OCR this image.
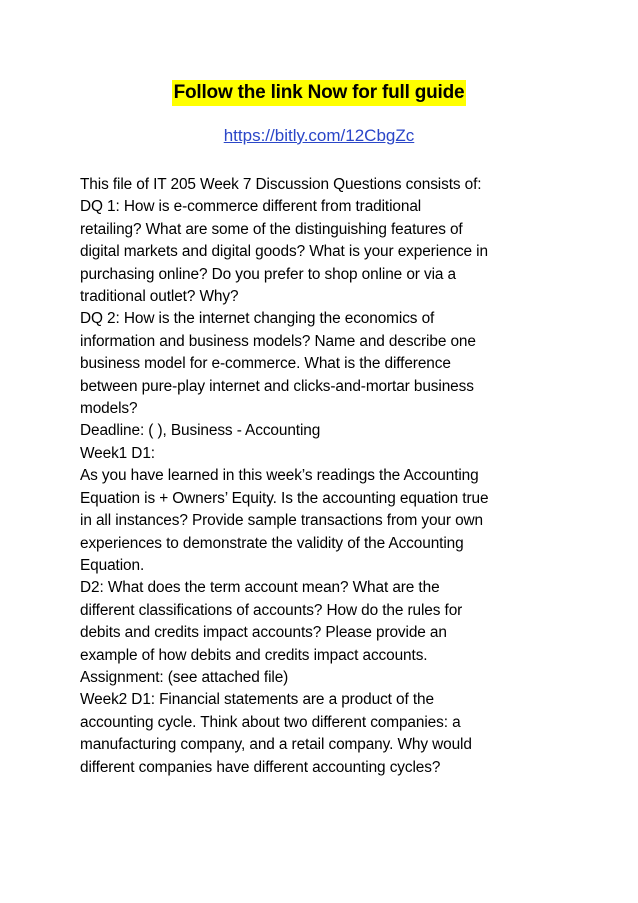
Follow the link Now for full guide
https://bitly.com/12CbgZc
This file of IT 205 Week 7 Discussion Questions consists of:
DQ 1: How is e-commerce different from traditional
retailing? What are some of the distinguishing features of
digital markets and digital goods? What is your experience in
purchasing online? Do you prefer to shop online or via a
traditional outlet? Why?
DQ 2: How is the internet changing the economics of
information and business models? Name and describe one
business model for e-commerce. What is the difference
between pure-play internet and clicks-and-mortar business
models?
Deadline: ( ), Business - Accounting
Week1 D1:
As you have learned in this week’s readings the Accounting
Equation is + Owners’ Equity. Is the accounting equation true
in all instances? Provide sample transactions from your own
experiences to demonstrate the validity of the Accounting
Equation.
D2: What does the term account mean? What are the
different classifications of accounts? How do the rules for
debits and credits impact accounts? Please provide an
example of how debits and credits impact accounts.
Assignment: (see attached file)
Week2 D1: Financial statements are a product of the
accounting cycle. Think about two different companies: a
manufacturing company, and a retail company. Why would
different companies have different accounting cycles?
